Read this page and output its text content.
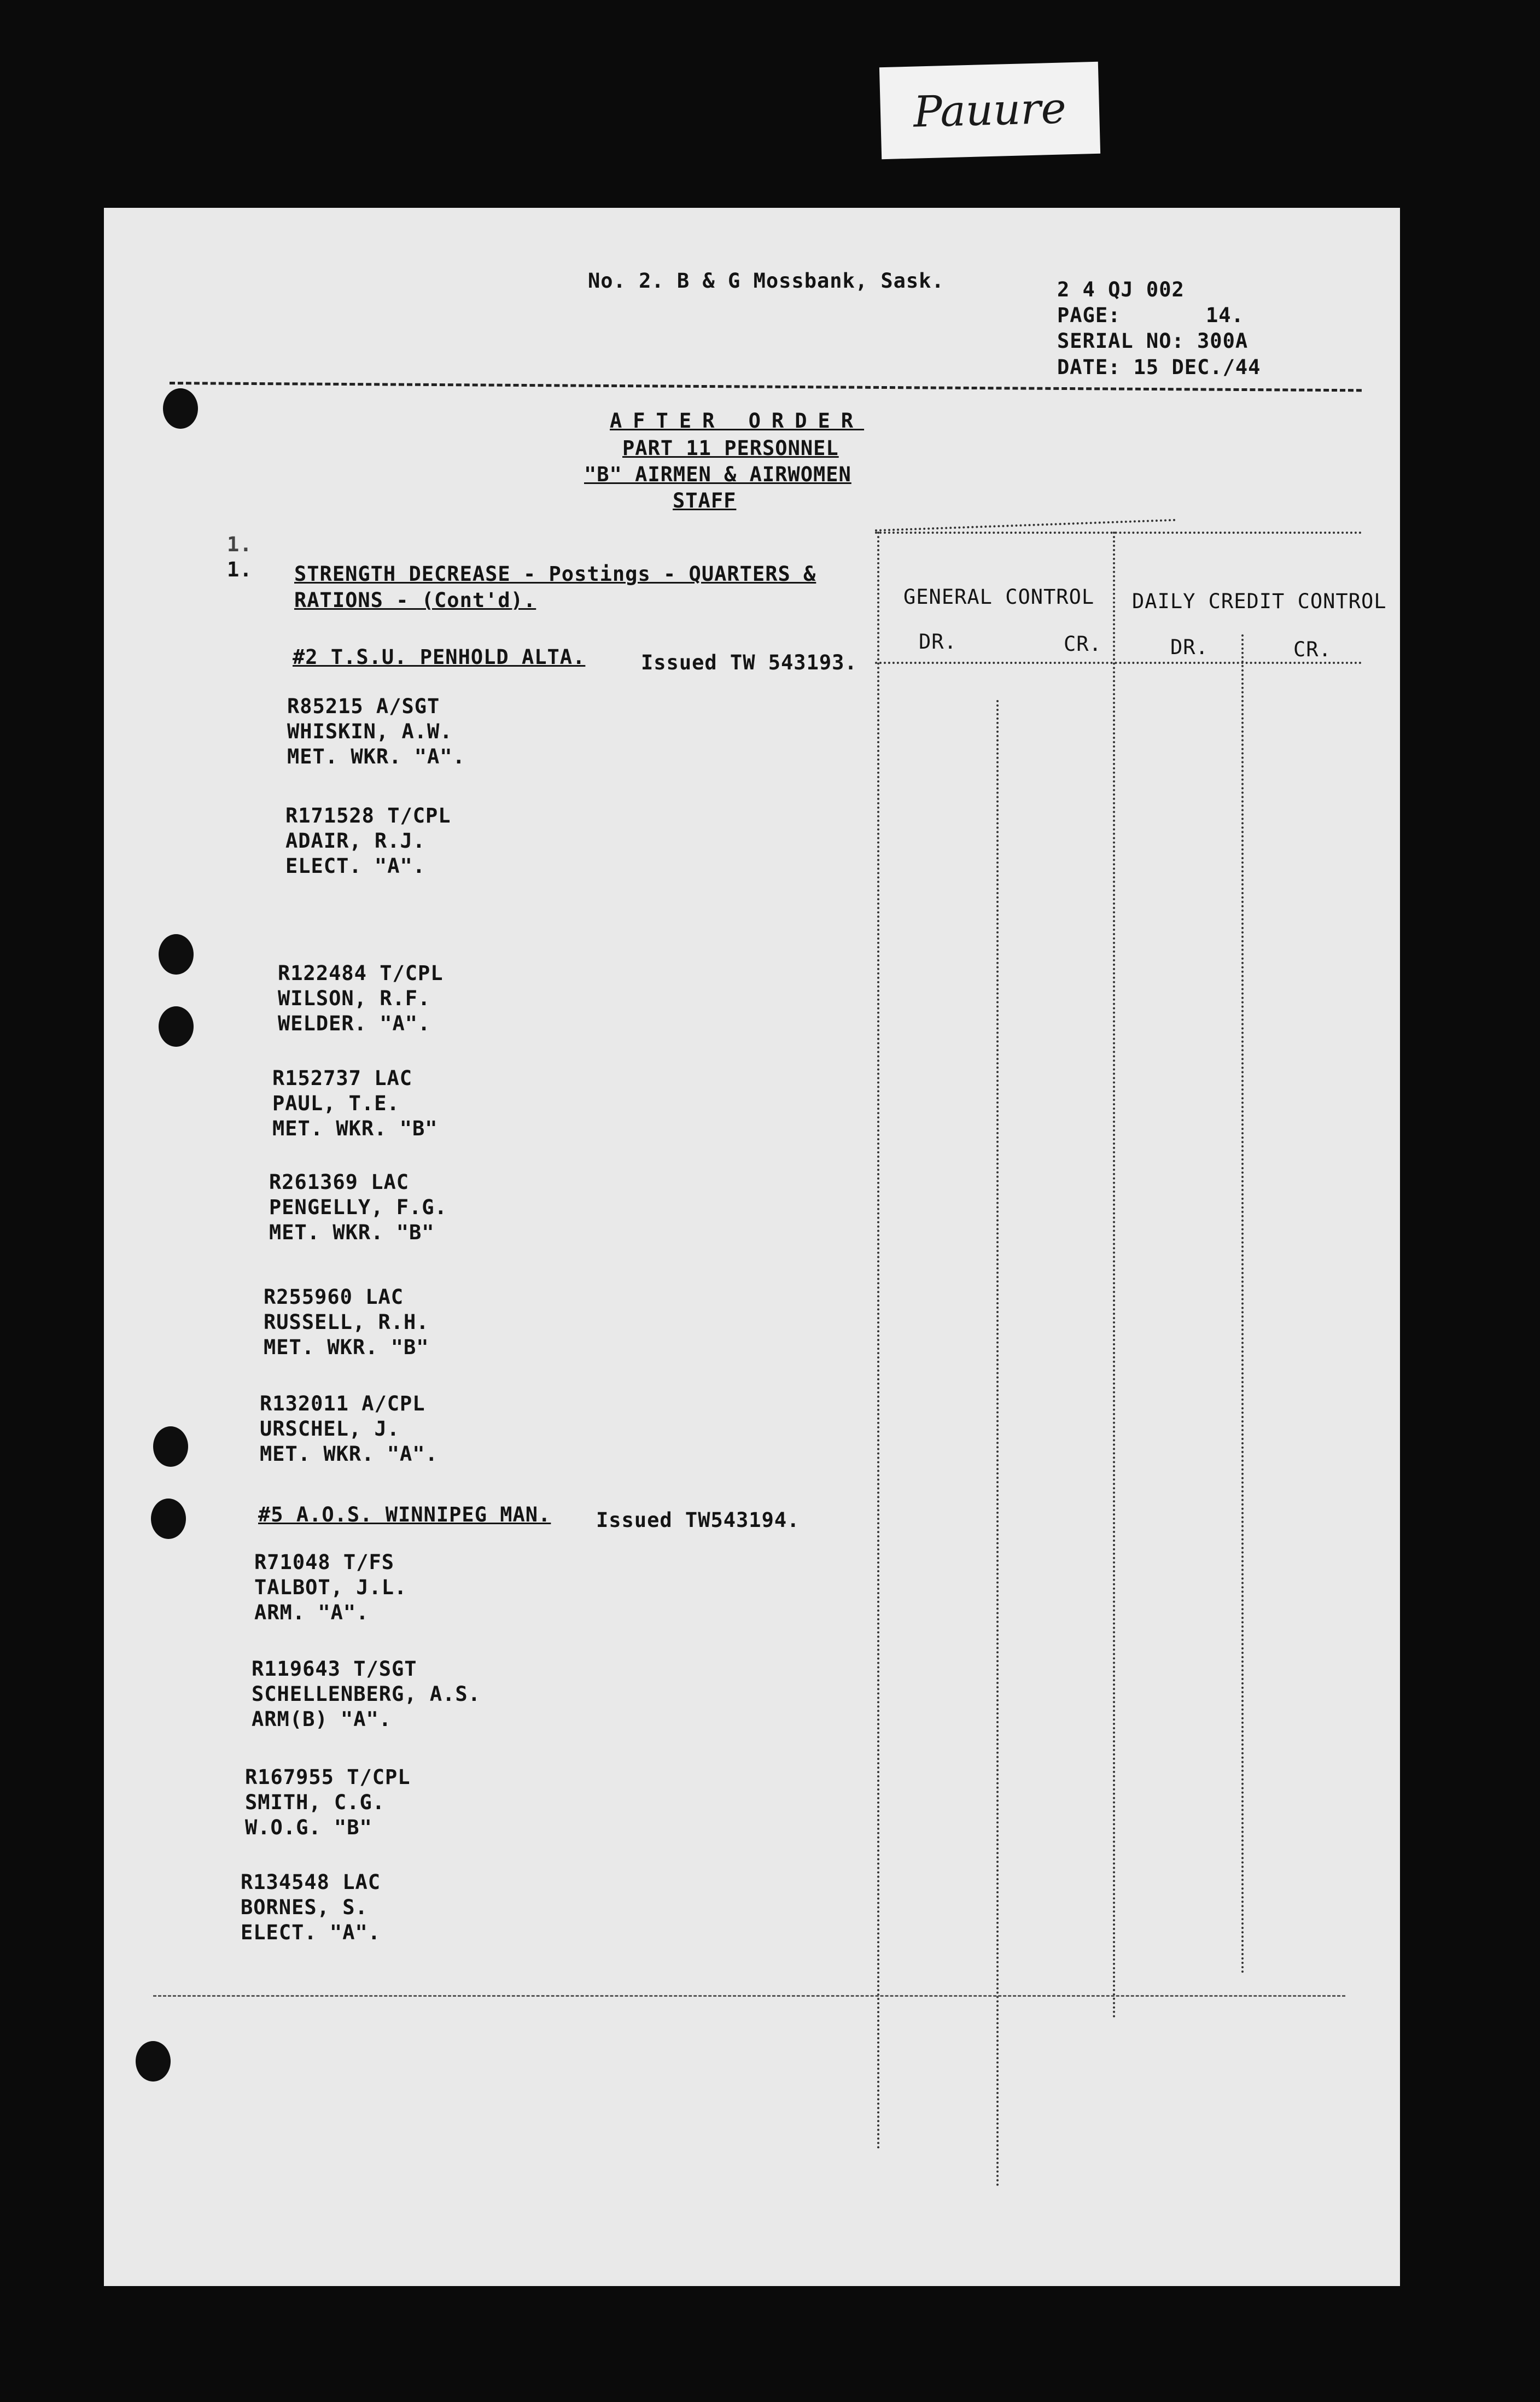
Pauure
No. 2. B & G Mossbank, Sask.	2 4 QJ 002
PAGE:	14.
SERIAL NO: 300A
DATE: 15 DEC./44
AFTER ORDER
PART 11 PERSONNEL
"B" AIRMEN & AIRWOMEN
STAFF
1.
1. STRENGTH DECREASE - Postings - QUARTERS &
RATIONS - (Cont'd).	GENERAL CONTROL DAILY CREDIT CONTROL
DR.	CR.	DR.	CR.
#2 T.S.U. PENHOLD ALTA.	Issued TW 543193.
R85215 A/SGT
WHISKIN, A.W.
MET. WKR. "A".
R171528 T/CPL
ADAIR, R.J.
ELECT. "A".
R122484 T/CPL
WILSON, R.F.
WELDER. "A".
R152737 LAC
PAUL, T.E.
MET. WKR. "B"
R261369 LAC
PENGELLY, F.G.
MET. WKR. "B"
R255960 LAC
RUSSELL, R.H.
MET. WKR. "B"
R132011 A/CPL
URSCHEL, J.
MET. WKR. "A".
#5 A.O.S. WINNIPEG MAN. Issued TW543194.
R71048 T/FS
TALBOT, J.L.
ARM. "A".
R119643 T/SGT
SCHELLENBERG, A.S.
ARM(B) "A".
R167955 T/CPL
SMITH, C.G.
W.O.G. "B"
R134548 LAC
BORNES, S.
ELECT. "A".
